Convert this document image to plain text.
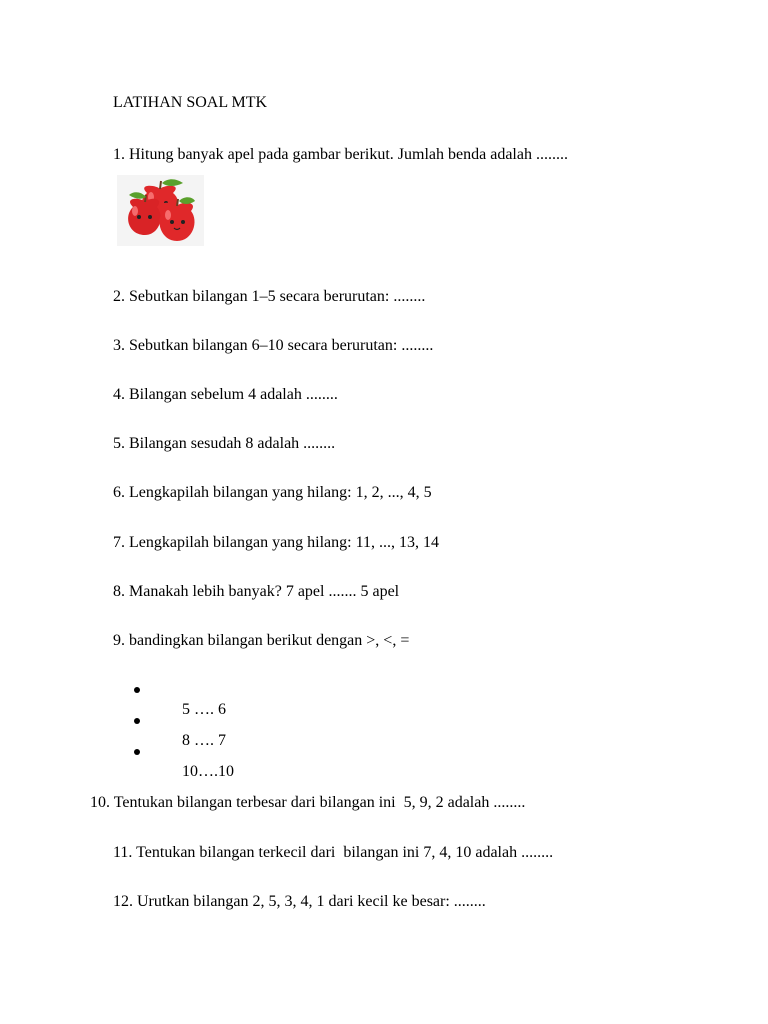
LATIHAN SOAL MTK
1. Hitung banyak apel pada gambar berikut. Jumlah benda adalah ........
2. Sebutkan bilangan 1–5 secara berurutan: ........
3. Sebutkan bilangan 6–10 secara berurutan: ........
4. Bilangan sebelum 4 adalah ........
5. Bilangan sesudah 8 adalah ........
6. Lengkapilah bilangan yang hilang: 1, 2, ..., 4, 5
7. Lengkapilah bilangan yang hilang: 11, ..., 13, 14
8. Manakah lebih banyak? 7 apel ....... 5 apel
9. bandingkan bilangan berikut dengan >, <, =

5 …. 6

8 …. 7

10….10

10. Tentukan bilangan terbesar dari bilangan ini  5, 9, 2 adalah ........
11. Tentukan bilangan terkecil dari  bilangan ini 7, 4, 10 adalah ........
12. Urutkan bilangan 2, 5, 3, 4, 1 dari kecil ke besar: ........
